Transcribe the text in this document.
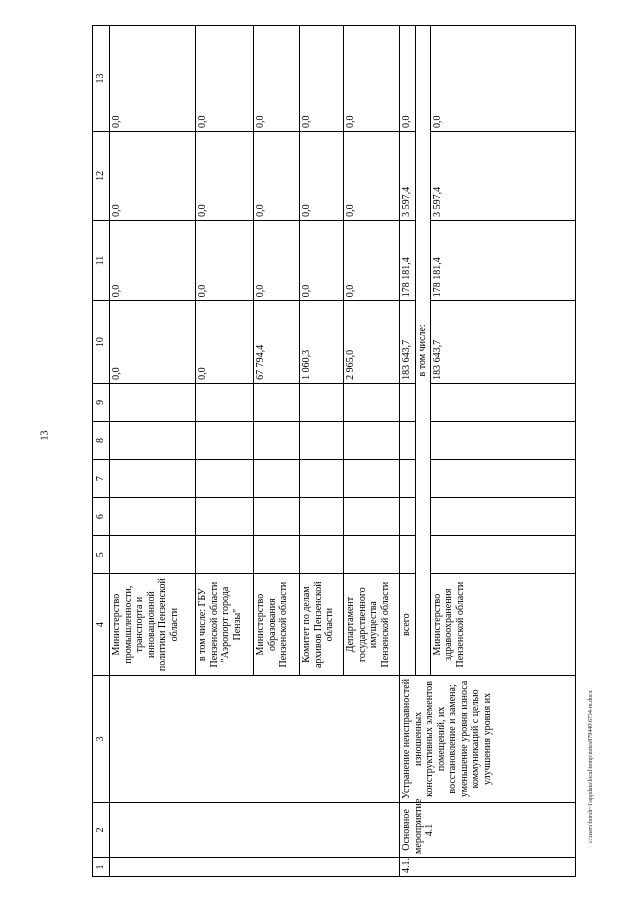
13
1	2	3	4	5	6	7	8	9	10	11	12	13
			Министерство промышленности, транспорта и инновационной политики Пензенской области						0,0	0,0	0,0	0,0
			в том числе: ГБУ Пензенской области "Аэропорт города Пензы"						0,0	0,0	0,0	0,0
			Министерство образования Пензенской области						67 794,4	0,0	0,0	0,0
			Комитет по делам архивов Пензенской области						1 060,3	0,0	0,0	0,0
			Департамент государственного имущества Пензенской области						2 965,0	0,0	0,0	0,0
4.1.	Основное мероприятие 4.1	Устранение неисправностей изношенных конструктивных элементов помещений, их восстановление и замена; уменьшение уровня износа коммуникаций с целью улучшения уровня их	всего						183 643,7	178 181,4	3 597,4	0,0
			в том числе:									
			Министерство здравоохранения Пензенской области						183 643,7	178 181,4	3 597,4	0,0
c:\users\borsh~1\appdata\local\temp\notes879440\6734-m.docx
